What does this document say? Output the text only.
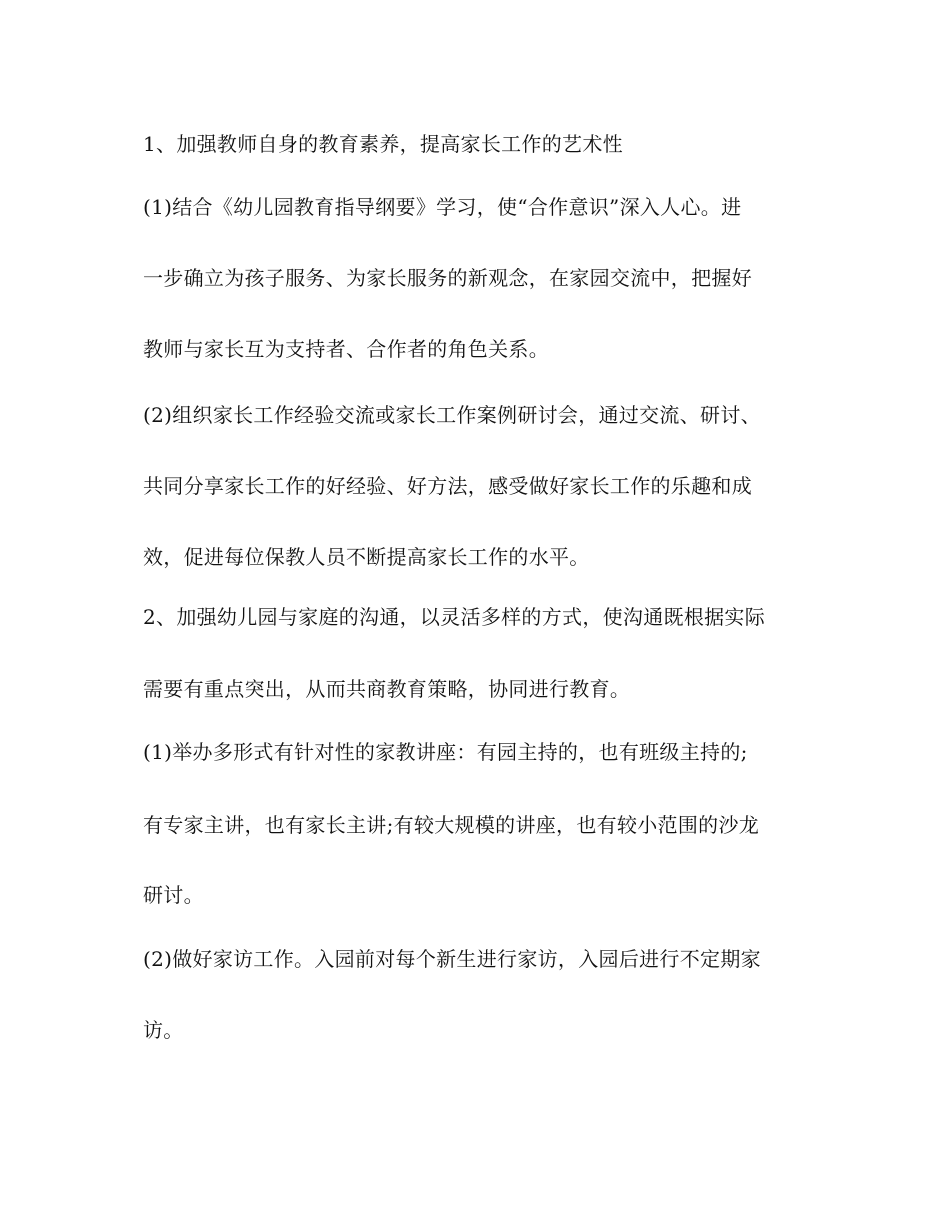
1、加强教师自身的教育素养，提高家长工作的艺术性
(1)结合《幼儿园教育指导纲要》学习，使“合作意识”深入人心。进
一步确立为孩子服务、为家长服务的新观念，在家园交流中，把握好
教师与家长互为支持者、合作者的角色关系。
(2)组织家长工作经验交流或家长工作案例研讨会，通过交流、研讨、
共同分享家长工作的好经验、好方法，感受做好家长工作的乐趣和成
效，促进每位保教人员不断提高家长工作的水平。
2、加强幼儿园与家庭的沟通，以灵活多样的方式，使沟通既根据实际
需要有重点突出，从而共商教育策略，协同进行教育。
(1)举办多形式有针对性的家教讲座：有园主持的，也有班级主持的;
有专家主讲，也有家长主讲;有较大规模的讲座，也有较小范围的沙龙
研讨。
(2)做好家访工作。入园前对每个新生进行家访，入园后进行不定期家
访。
